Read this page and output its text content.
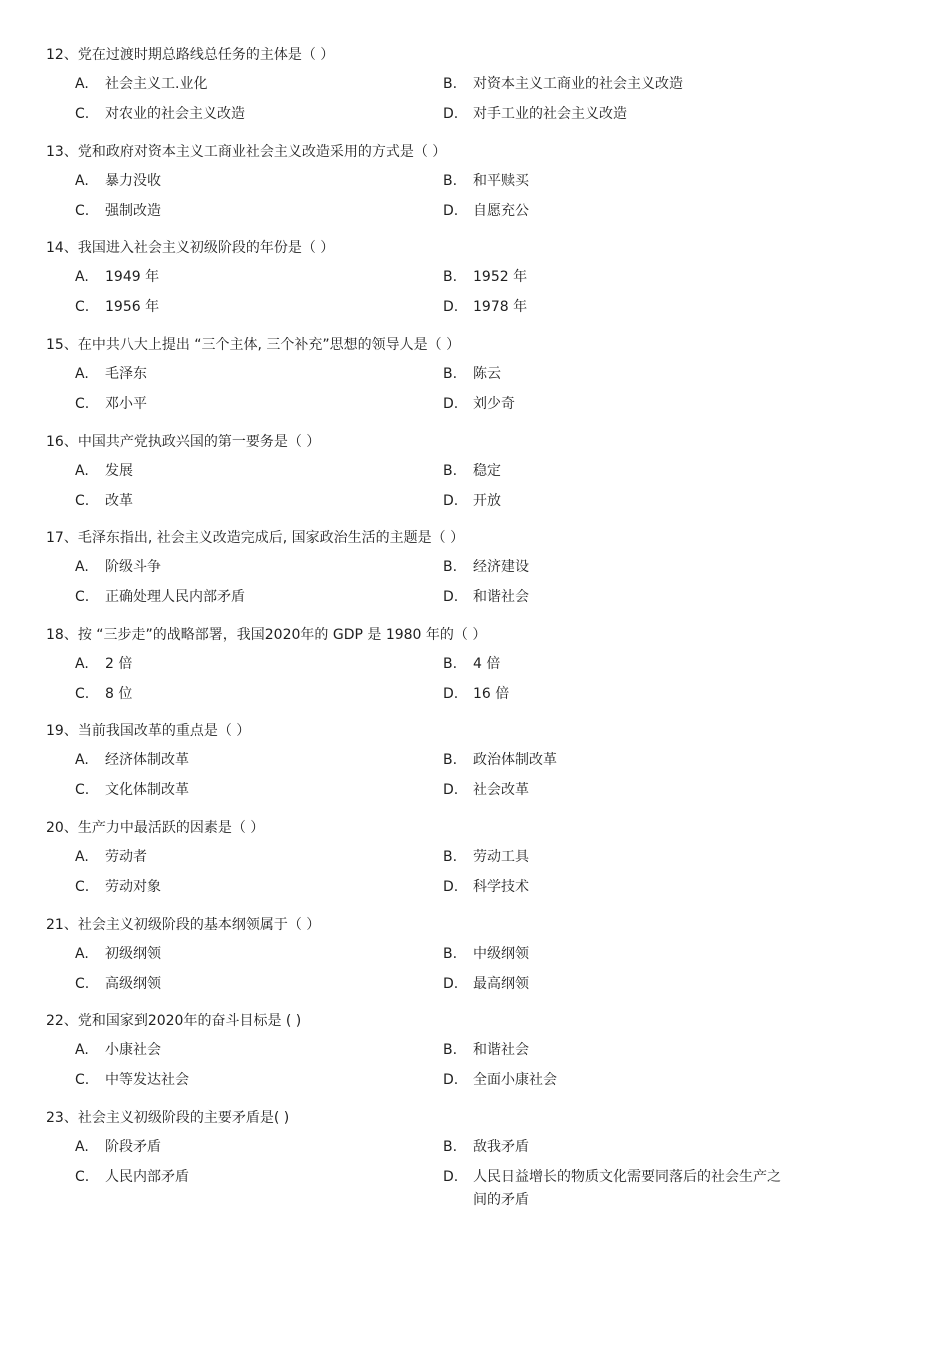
12、党在过渡时期总路线总任务的主体是（ ）
A. 社会主义工.业化	B. 对资本主义工商业的社会主义改造
C. 对农业的社会主义改造	D. 对手工业的社会主义改造
13、党和政府对资本主义工商业社会主义改造采用的方式是（ ）
A. 暴力没收	B. 和平赎买
C. 强制改造	D. 自愿充公
14、我国进入社会主义初级阶段的年份是（ ）
A. 1949 年	B. 1952 年
C. 1956 年	D. 1978 年
15、在中共八大上提出 “三个主体, 三个补充”思想的领导人是（ ）
A. 毛泽东	B. 陈云
C. 邓小平	D. 刘少奇
16、中国共产党执政兴国的第一要务是（ ）
A. 发展	B. 稳定
C. 改革	D. 开放
17、毛泽东指出, 社会主义改造完成后, 国家政治生活的主题是（ ）
A. 阶级斗争	B. 经济建设
C. 正确处理人民内部矛盾	D. 和谐社会
18、按 “三步走”的战略部署，我国2020年的 GDP 是 1980 年的（ ）
A. 2 倍	B. 4 倍
C. 8 位	D. 16 倍
19、当前我国改革的重点是（ ）
A. 经济体制改革	B. 政治体制改革
C. 文化体制改革	D. 社会改革
20、生产力中最活跃的因素是（ ）
A. 劳动者	B. 劳动工具
C. 劳动对象	D. 科学技术
21、社会主义初级阶段的基本纲领属于（ ）
A. 初级纲领	B. 中级纲领
C. 高级纲领	D. 最高纲领
22、党和国家到2020年的奋斗目标是 ( )
A. 小康社会	B. 和谐社会
C. 中等发达社会	D. 全面小康社会
23、社会主义初级阶段的主要矛盾是( )
A. 阶段矛盾	B. 敌我矛盾
C. 人民内部矛盾	D. 人民日益增长的物质文化需要同落后的社会生产之间的矛盾
